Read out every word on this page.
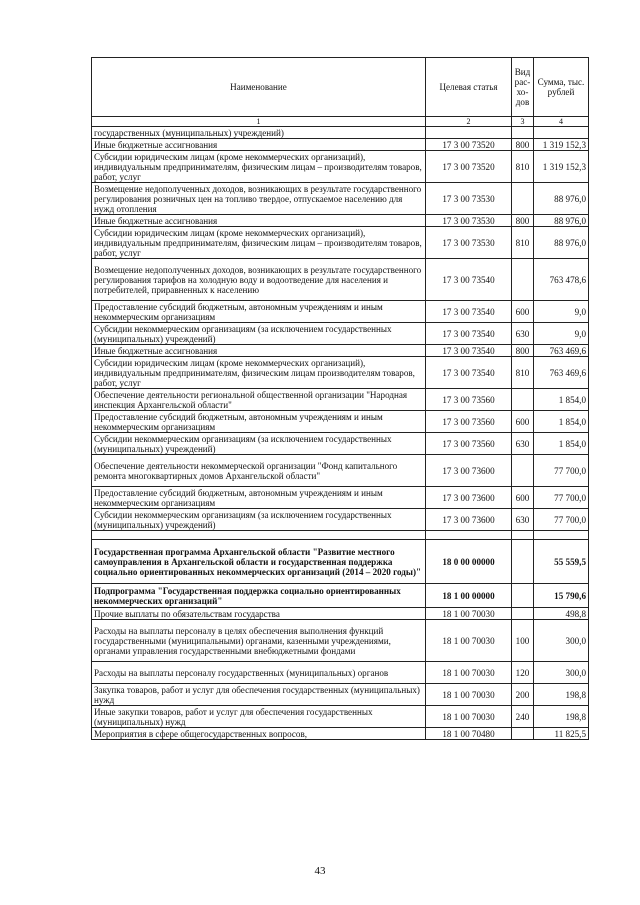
Наименование	Целевая статья	Вид рас-хо-дов	Сумма, тыс. рублей
1	2	3	4
государственных (муниципальных) учреждений)			
Иные бюджетные ассигнования	17 3 00 73520	800	1 319 152,3
Субсидии юридическим лицам (кроме некоммерческих организаций), индивидуальным предпринимателям, физическим лицам – производителям товаров, работ, услуг	17 3 00 73520	810	1 319 152,3
Возмещение недополученных доходов, возникающих в результате государственного регулирования розничных цен на топливо твердое, отпускаемое населению для нужд отопления	17 3 00 73530		88 976,0
Иные бюджетные ассигнования	17 3 00 73530	800	88 976,0
Субсидии юридическим лицам (кроме некоммерческих организаций), индивидуальным предпринимателям, физическим лицам – производителям товаров, работ, услуг	17 3 00 73530	810	88 976,0
Возмещение недополученных доходов, возникающих в результате государственного регулирования тарифов на холодную воду и водоотведение для населения и потребителей, приравненных к населению	17 3 00 73540		763 478,6
Предоставление субсидий бюджетным, автономным учреждениям и иным некоммерческим организациям	17 3 00 73540	600	9,0
Субсидии некоммерческим организациям (за исключением государственных (муниципальных) учреждений)	17 3 00 73540	630	9,0
Иные бюджетные ассигнования	17 3 00 73540	800	763 469,6
Субсидии юридическим лицам (кроме некоммерческих организаций), индивидуальным предпринимателям, физическим лицам производителям товаров, работ, услуг	17 3 00 73540	810	763 469,6
Обеспечение деятельности региональной общественной организации "Народная инспекция Архангельской области"	17 3 00 73560		1 854,0
Предоставление субсидий бюджетным, автономным учреждениям и иным некоммерческим организациям	17 3 00 73560	600	1 854,0
Субсидии некоммерческим организациям (за исключением государственных (муниципальных) учреждений)	17 3 00 73560	630	1 854,0
Обеспечение деятельности некоммерческой организации "Фонд капитального ремонта многоквартирных домов Архангельской области"	17 3 00 73600		77 700,0
Предоставление субсидий бюджетным, автономным учреждениям и иным некоммерческим организациям	17 3 00 73600	600	77 700,0
Субсидии некоммерческим организациям (за исключением государственных (муниципальных) учреждений)	17 3 00 73600	630	77 700,0

Государственная программа Архангельской области "Развитие местного самоуправления в Архангельской области и государственная поддержка социально ориентированных некоммерческих организаций (2014 – 2020 годы)"	18 0 00 00000		55 559,5
Подпрограмма "Государственная поддержка социально ориентированных некоммерческих организаций"	18 1 00 00000		15 790,6
Прочие выплаты по обязательствам государства	18 1 00 70030		498,8
Расходы на выплаты персоналу в целях обеспечения выполнения функций государственными (муниципальными) органами, казенными учреждениями, органами управления государственными внебюджетными фондами	18 1 00 70030	100	300,0
Расходы на выплаты персоналу государственных (муниципальных) органов	18 1 00 70030	120	300,0
Закупка товаров, работ и услуг для обеспечения государственных (муниципальных) нужд	18 1 00 70030	200	198,8
Иные закупки товаров, работ и услуг для обеспечения государственных (муниципальных) нужд	18 1 00 70030	240	198,8
Мероприятия в сфере общегосударственных вопросов,	18 1 00 70480		11 825,5
43
